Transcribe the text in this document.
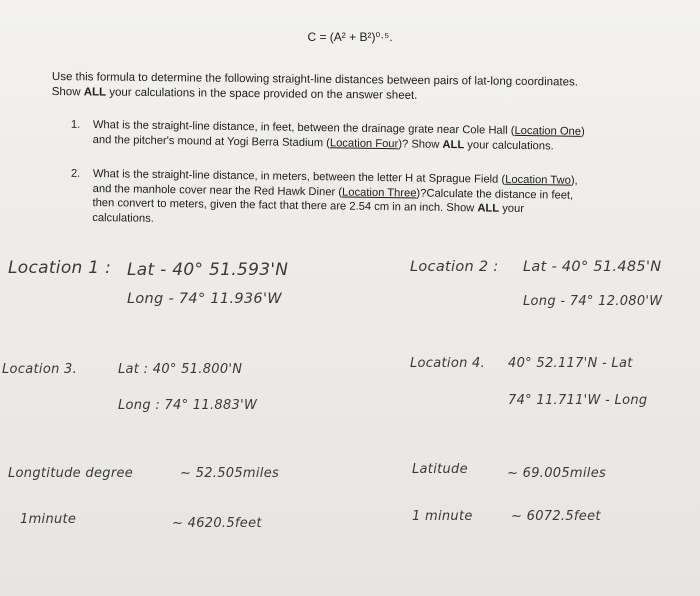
C = (A² + B²)⁰·⁵.
Use this formula to determine the following straight-line distances between pairs of lat-long coordinates.
Show ALL your calculations in the space provided on the answer sheet.
1. What is the straight-line distance, in feet, between the drainage grate near Cole Hall (Location One)
and the pitcher's mound at Yogi Berra Stadium (Location Four)? Show ALL your calculations.
2. What is the straight-line distance, in meters, between the letter H at Sprague Field (Location Two),
and the manhole cover near the Red Hawk Diner (Location Three)?Calculate the distance in feet,
then convert to meters, given the fact that there are 2.54 cm in an inch. Show ALL your
calculations.
Location 1 : Lat - 40° 51.593'N
Long - 74° 11.936'W
Location 2 : Lat - 40° 51.485'N
Long - 74° 12.080'W
Location 3.	Lat : 40° 51.800'N
Long : 74° 11.883'W
Location 4. 40° 52.117'N - Lat
74° 11.711'W - Long
Longtitude degree	~ 52.505miles	Latitude	~ 69.005miles
1minute	~ 4620.5feet	1 minute	~ 6072.5feet
